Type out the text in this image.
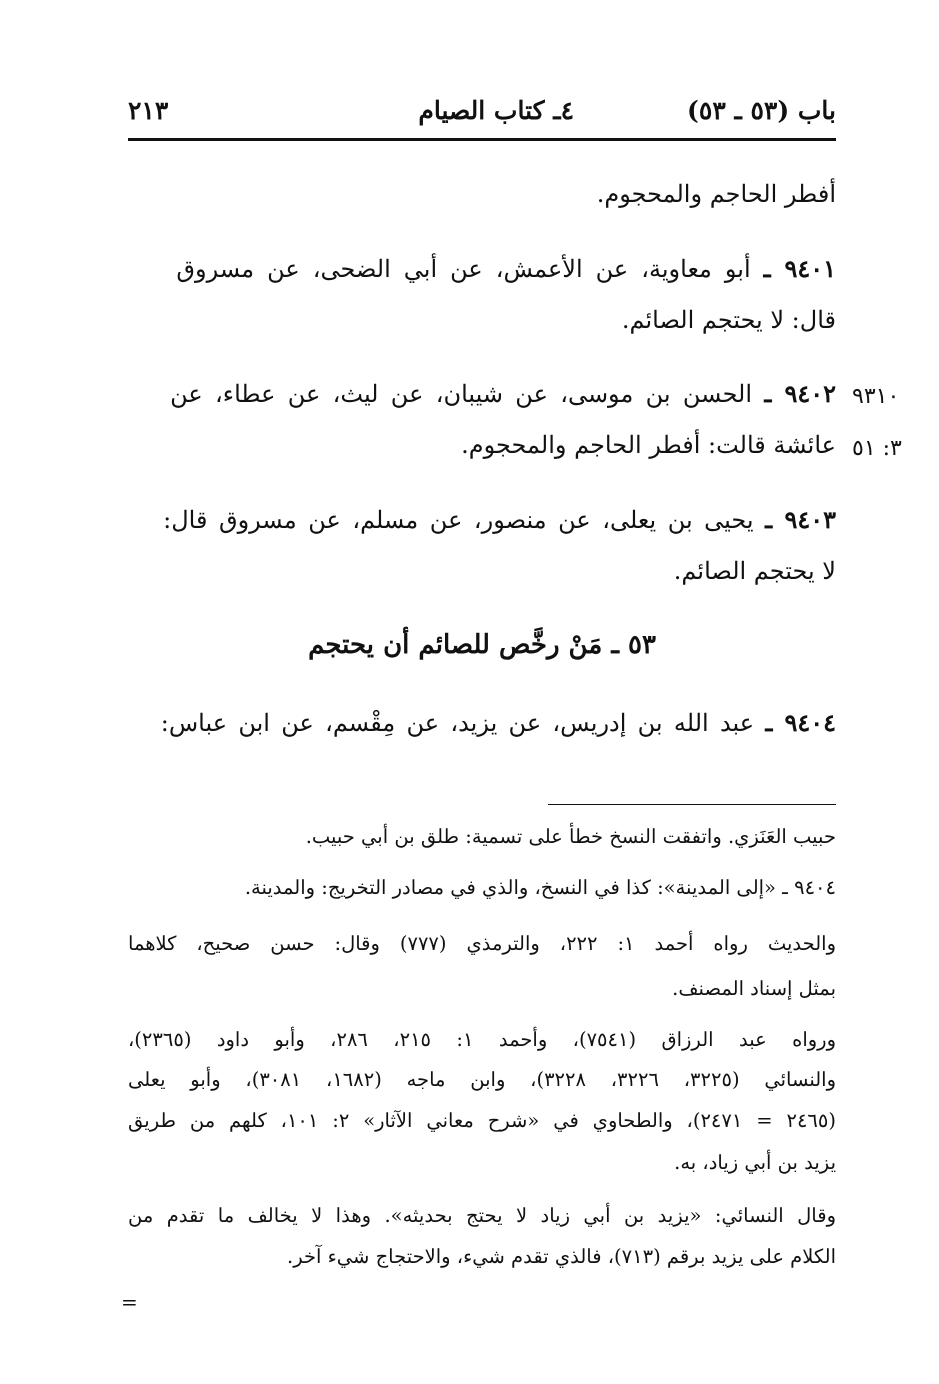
باب (٥٣ ـ ٥٣)
٤ـ كتاب الصيام
٢١٣
أفطر الحاجم والمحجوم.
٩٤٠١ ـ أبو معاوية، عن الأعمش، عن أبي الضحى، عن مسروق
قال: لا يحتجم الصائم.
٩٤٠٢ ـ الحسن بن موسى، عن شيبان، عن ليث، عن عطاء، عن
عائشة قالت: أفطر الحاجم والمحجوم.
٩٣١٠
٣: ٥١
٩٤٠٣ ـ يحيى بن يعلى، عن منصور، عن مسلم، عن مسروق قال:
لا يحتجم الصائم.
٥٣ ـ مَنْ رخَّص للصائم أن يحتجم
٩٤٠٤ ـ عبد الله بن إدريس، عن يزيد، عن مِقْسم، عن ابن عباس:
حبيب العَنَزي. واتفقت النسخ خطأ على تسمية: طلق بن أبي حبيب.
٩٤٠٤ ـ «إلى المدينة»: كذا في النسخ، والذي في مصادر التخريج: والمدينة.
والحديث رواه أحمد ١: ٢٢٢، والترمذي (٧٧٧) وقال: حسن صحيح، كلاهما
بمثل إسناد المصنف.
ورواه عبد الرزاق (٧٥٤١)، وأحمد ١: ٢١٥، ٢٨٦، وأبو داود (٢٣٦٥)،
والنسائي (٣٢٢٥، ٣٢٢٦، ٣٢٢٨)، وابن ماجه (١٦٨٢، ٣٠٨١)، وأبو يعلى
(٢٤٦٥ = ٢٤٧١)، والطحاوي في «شرح معاني الآثار» ٢: ١٠١، كلهم من طريق
يزيد بن أبي زياد، به.
وقال النسائي: «يزيد بن أبي زياد لا يحتج بحديثه». وهذا لا يخالف ما تقدم من
الكلام على يزيد برقم (٧١٣)، فالذي تقدم شيء، والاحتجاج شيء آخر.
=
